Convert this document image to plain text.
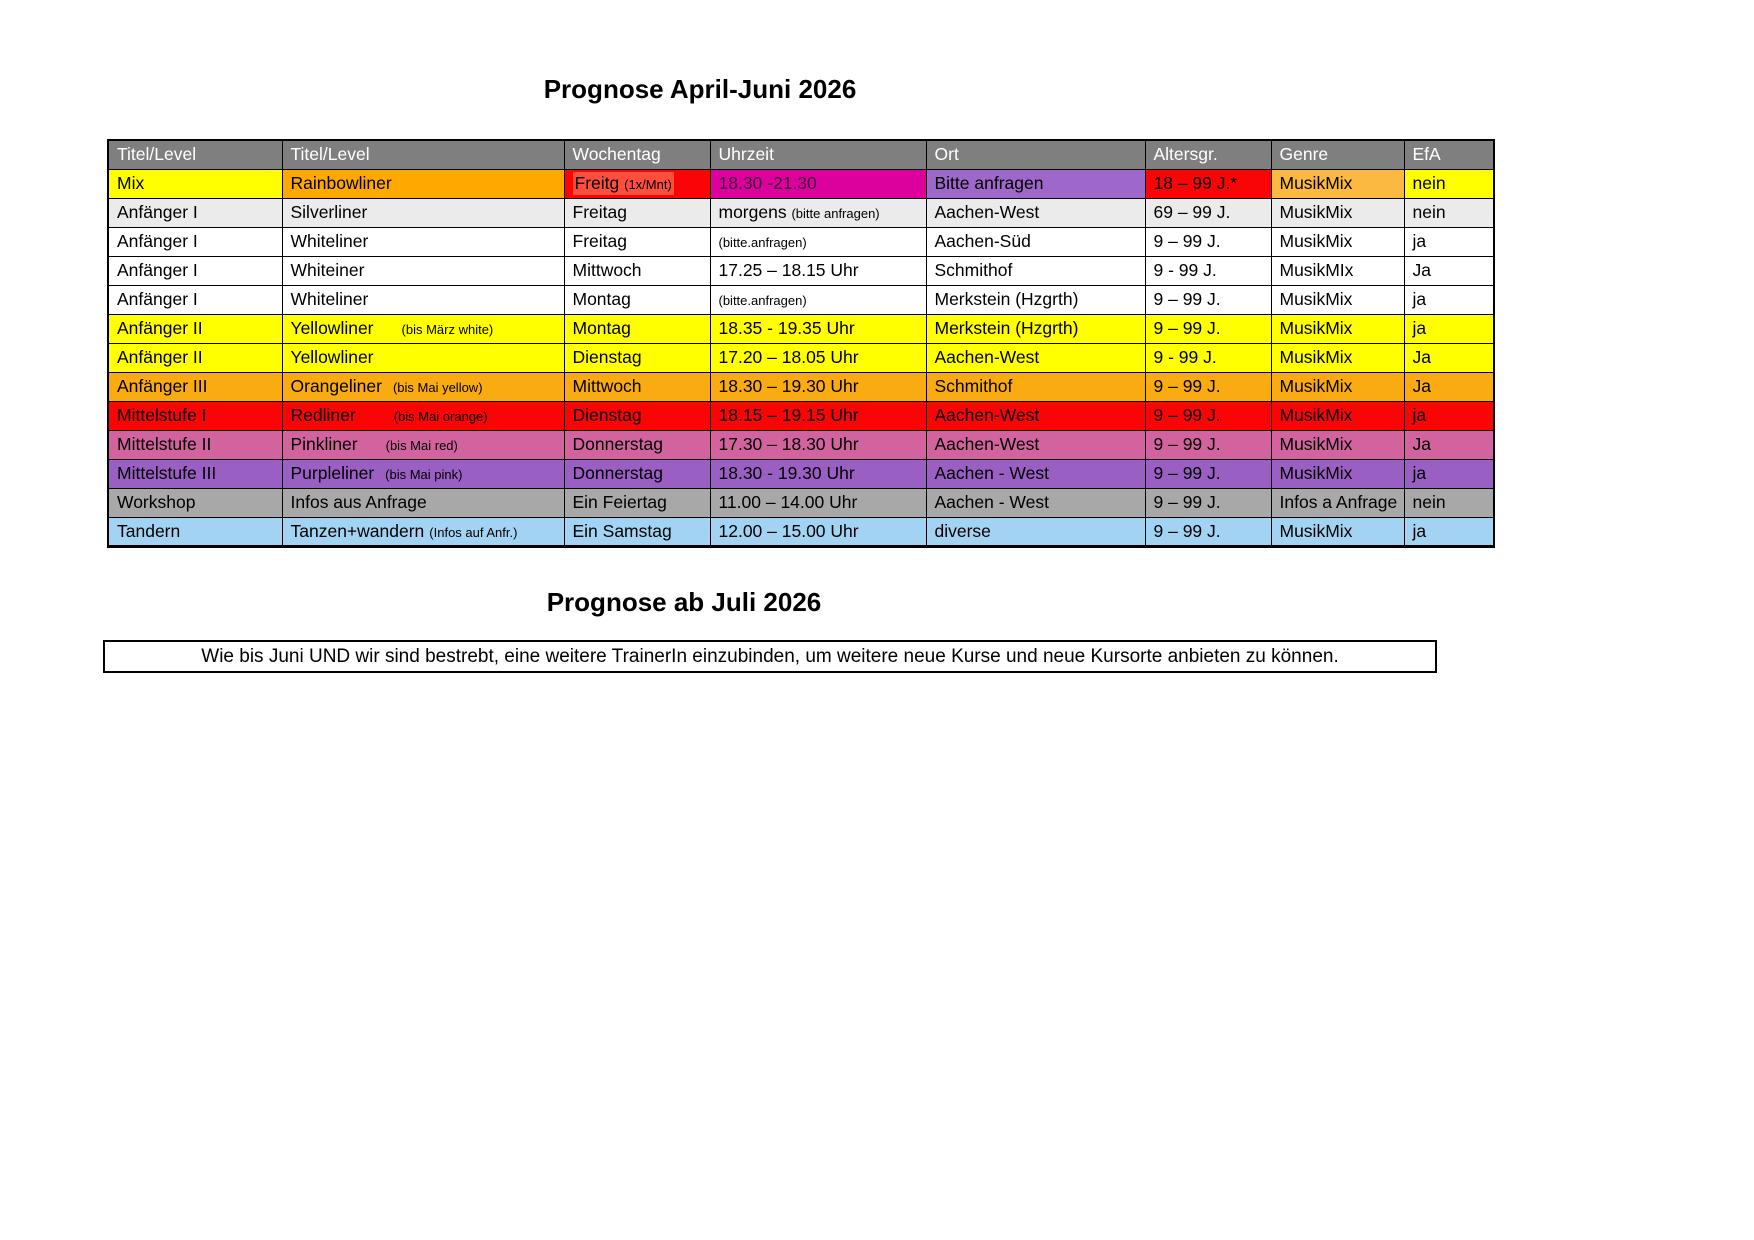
Prognose April-Juni 2026
Titel/Level	Titel/Level	Wochentag	Uhrzeit	Ort	Altersgr.	Genre	EfA
Mix	Rainbowliner	Freitg (1x/Mnt)	18.30 -21.30	Bitte anfragen	18 – 99 J.*	MusikMix	nein
Anfänger I	Silverliner	Freitag	morgens (bitte anfragen)	Aachen-West	69 – 99 J.	MusikMix	nein
Anfänger I	Whiteliner	Freitag	(bitte.anfragen)	Aachen-Süd	9 – 99 J.	MusikMix	ja
Anfänger I	Whiteiner	Mittwoch	17.25 – 18.15 Uhr	Schmithof	9 - 99 J.	MusikMIx	Ja
Anfänger I	Whiteliner	Montag	(bitte.anfragen)	Merkstein (Hzgrth)	9 – 99 J.	MusikMix	ja
Anfänger II	Yellowliner (bis März white)	Montag	18.35 - 19.35 Uhr	Merkstein (Hzgrth)	9 – 99 J.	MusikMix	ja
Anfänger II	Yellowliner	Dienstag	17.20 – 18.05 Uhr	Aachen-West	9 - 99 J.	MusikMix	Ja
Anfänger III	Orangeliner (bis Mai yellow)	Mittwoch	18.30 – 19.30 Uhr	Schmithof	9 – 99 J.	MusikMix	Ja
Mittelstufe I	Redliner (bis Mai orange)	Dienstag	18.15 – 19.15 Uhr	Aachen-West	9 – 99 J.	MusikMix	ja
Mittelstufe II	Pinkliner (bis Mai red)	Donnerstag	17.30 – 18.30 Uhr	Aachen-West	9 – 99 J.	MusikMix	Ja
Mittelstufe III	Purpleliner (bis Mai pink)	Donnerstag	18.30 - 19.30 Uhr	Aachen - West	9 – 99 J.	MusikMix	ja
Workshop	Infos aus Anfrage	Ein Feiertag	11.00 – 14.00 Uhr	Aachen - West	9 – 99 J.	Infos a Anfrage	nein
Tandern	Tanzen+wandern (Infos auf Anfr.)	Ein Samstag	12.00 – 15.00 Uhr	diverse	9 – 99 J.	MusikMix	ja
Prognose ab Juli 2026
Wie bis Juni UND wir sind bestrebt, eine weitere TrainerIn einzubinden, um weitere neue Kurse und neue Kursorte anbieten zu können.
